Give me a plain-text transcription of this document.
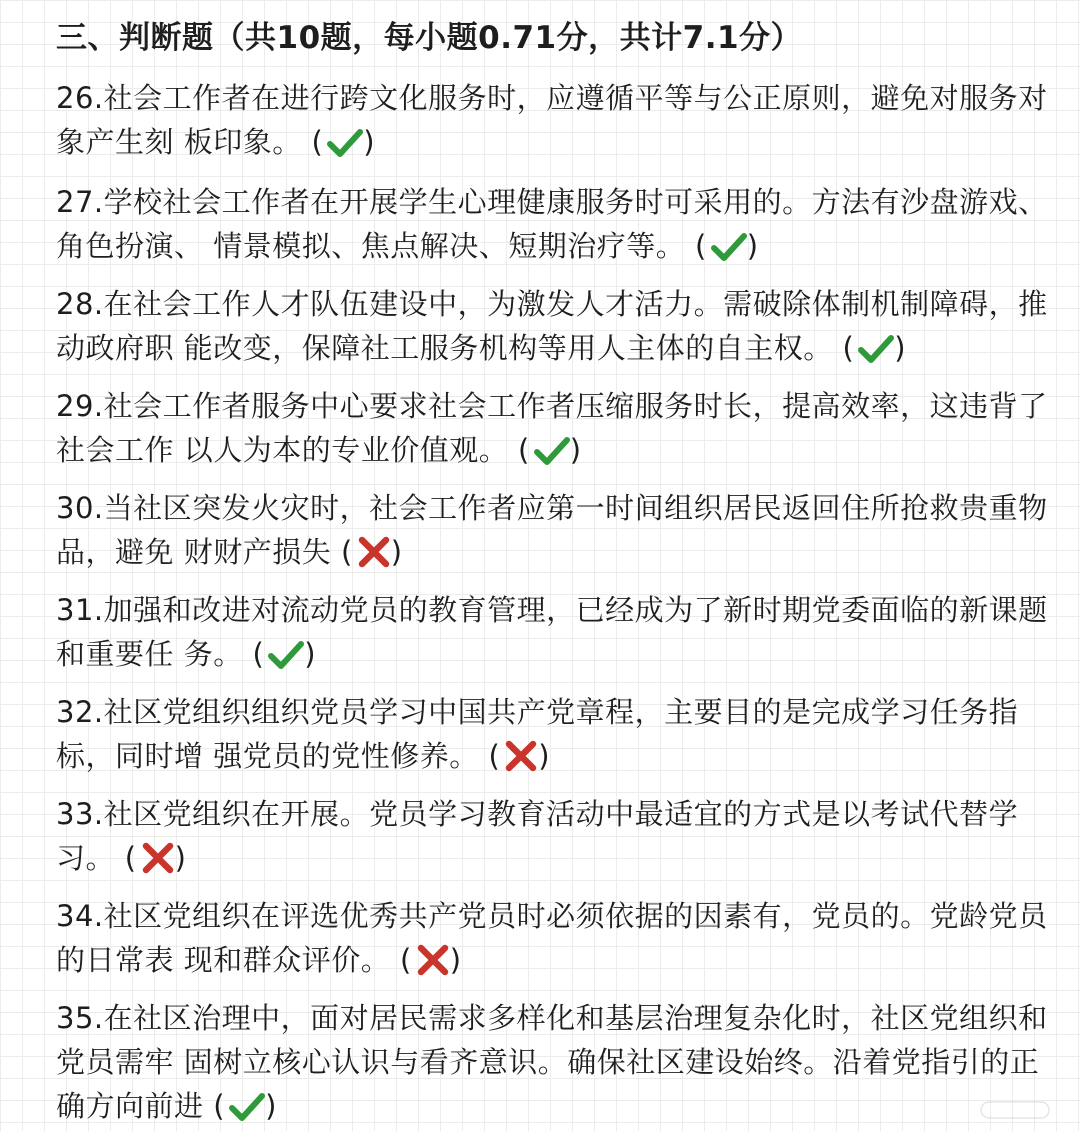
三、判断题（共10题，每小题0.71分，共计7.1分）

26.社会工作者在进行跨文化服务时，应遵循平等与公正原则，避免对服务对象产生刻 板印象。 ( )

27.学校社会工作者在开展学生心理健康服务时可采用的。方法有沙盘游戏、角色扮演、 情景模拟、焦点解决、短期治疗等。 ( )

28.在社会工作人才队伍建设中，为激发人才活力。需破除体制机制障碍，推动政府职 能改变，保障社工服务机构等用人主体的自主权。 ( )

29.社会工作者服务中心要求社会工作者压缩服务时长，提高效率，这违背了社会工作 以人为本的专业价值观。 ( )

30.当社区突发火灾时，社会工作者应第一时间组织居民返回住所抢救贵重物品，避免 财财产损失 ( )

31.加强和改进对流动党员的教育管理，已经成为了新时期党委面临的新课题和重要任 务。 ( )

32.社区党组织组织党员学习中国共产党章程，主要目的是完成学习任务指标，同时增 强党员的党性修养。 ( )

33.社区党组织在开展。党员学习教育活动中最适宜的方式是以考试代替学习。 ( )

34.社区党组织在评选优秀共产党员时必须依据的因素有，党员的。党龄党员的日常表 现和群众评价。 ( )

35.在社区治理中，面对居民需求多样化和基层治理复杂化时，社区党组织和党员需牢 固树立核心认识与看齐意识。确保社区建设始终。沿着党指引的正确方向前进 ( )
